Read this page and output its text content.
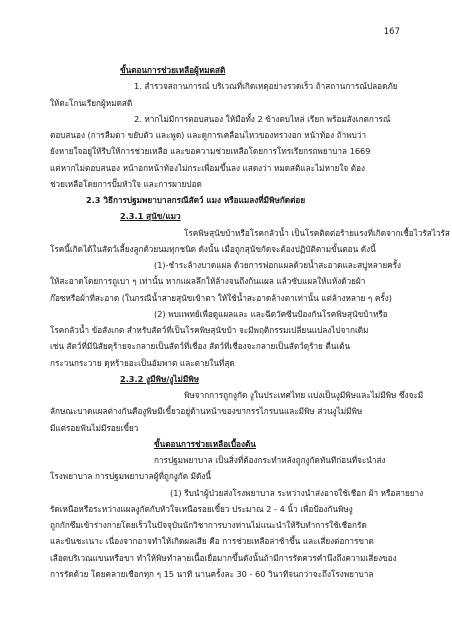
167
ขั้นตอนการช่วยเหลือผู้หมดสติ
1. สำรวจสถานการณ์ บริเวณที่เกิดเหตุอย่างรวดเร็ว ถ้าสถานการณ์ปลอดภัย
ให้ตะโกนเรียกผู้หมดสติ
2. หากไม่มีการตอบสนอง ให้มือทั้ง 2 ข้างตบไหล่ เรียก พร้อมสังเกตการณ์
ตอบสนอง (การลืมตา ขยับตัว และพูด) และดูการเคลื่อนไหวของทรวงอก หน้าท้อง ถ้าพบว่า
ยังหายใจอยู่ให้รีบให้การช่วยเหลือ และขอความช่วยเหลือโดยการโทรเรียกรถพยาบาล 1669
แต่หากไม่ตอบสนอง หน้าอกหน้าท้องไม่กระเพื่อมขึ้นลง แสดงว่า หมดสติและไม่หายใจ ต้อง
ช่วยเหลือโดยการปั๊มหัวใจ และการผายปอด
2.3 วิธีการปฐมพยาบาลกรณีสัตว์ แมง หรือแมลงที่มีพิษกัดต่อย
2.3.1 สุนัข/แมว
โรคพิษสุนัขบ้าหรือโรคกลัวน้ำ เป็นโรคติดต่อร้ายแรงที่เกิดจากเชื้อไวรัสไวรัส
โรคนี้เกิดได้ในสัตว์เลี้ยงลูกด้วยนมทุกชนิด ดังนั้น เมื่อถูกสุนัขกัดจะต้องปฏิบัติตามขั้นตอน ดังนี้
(1)-ชำระล้างบาดแผล ด้วยการฟอกแผลด้วยน้ำสะอาดและสบู่หลายครั้ง
ให้สะอาดโดยการถูเบา ๆ เท่านั้น หากแผลลึกให้ล้างจนถึงก้นแผล แล้วซับแผลให้แห้งด้วยผ้า
ก๊อซหรือผ้าที่สะอาด (ในกรณีน้ำสายสุนัขเข้าตา ให้ใช้น้ำสะอาดล้างตาเท่านั้น แต่ล้างหลาย ๆ ครั้ง)
(2) พบแพทย์เพื่อดูแผลและ และฉีดวัคซีนป้องกันโรคพิษสุนัขบ้าหรือ
โรคกลัวน้ำ ข้อสังเกต สำหรับสัตว์ที่เป็นโรคพิษสุนัขบ้า จะมีพฤติกรรมเปลี่ยนแปลงไปจากเดิม
เช่น สัตว์ที่มีนิสัยดุร้ายจะกลายเป็นสัตว์ที่เชื่อง สัตว์ที่เชื่องจะกลายเป็นสัตว์ดุร้าย ตื่นเต้น
กระวนกระวาย ดุหร้ายอะเป็นอัมพาต และตายในที่สุด
2.3.2 งูมีพิษ/งูไม่มีพิษ
พิษจากการถูกงูกัด งูในประเทศไทย แบ่งเป็นงูมีพิษและไม่มีพิษ ซึ่งจะมี
ลักษณะบาดแผลต่างกันคืองูพิษมีเขี้ยวอยู่ด้านหน้าของขากรรไกรบนและมีพิษ ส่วนงูไม่มีพิษ
มีแต่รอยฟันไม่มีรอยเขี้ยว
ขั้นตอนการช่วยเหลือเบื้องต้น
การปฐมพยาบาล เป็นสิ่งที่ต้องกระทำหลังถูกงูกัดทันทีก่อนที่จะนำส่ง
โรงพยาบาล การปฐมพยาบาลผู้ที่ถูกงูกัด มีดังนี้
(1) รีบนำผู้ป่วยส่งโรงพยาบาล ระหว่างนำส่งอาจใช้เชือก ผ้า หรือสายยาง
รัดเหนือหรือระหว่างแผลงูกัดกับหัวใจเหนือรอยเขี้ยว ประมาณ 2 - 4 นิ้ว เพื่อป้องกันพิษงู
ถูกกักซึมเข้าร่างกายโดยเร็วในปัจจุบันนักวิชาการบางท่านไม่แนะนำให้รีบทำการใช้เชือกรัด
และขันชะเนาะ เนื่องจากอาจทำให้เกิดผลเสีย คือ การช่วยเหลือล่าช้าขึ้น และเสี่ยงต่อการขาด
เลือดบริเวณแขนหรือขา ทำให้พิษทำลายเนื้อเยื่อมากขึ้นดังนั้นถ้ามีการรัดควรคำนึงถึงความเสี่ยงของ
การรัดด้วย โดยคลายเชือกทุก ๆ 15 นาที นานครั้งละ 30 - 60 วินาทีจนกว่าจะถึงโรงพยาบาล
